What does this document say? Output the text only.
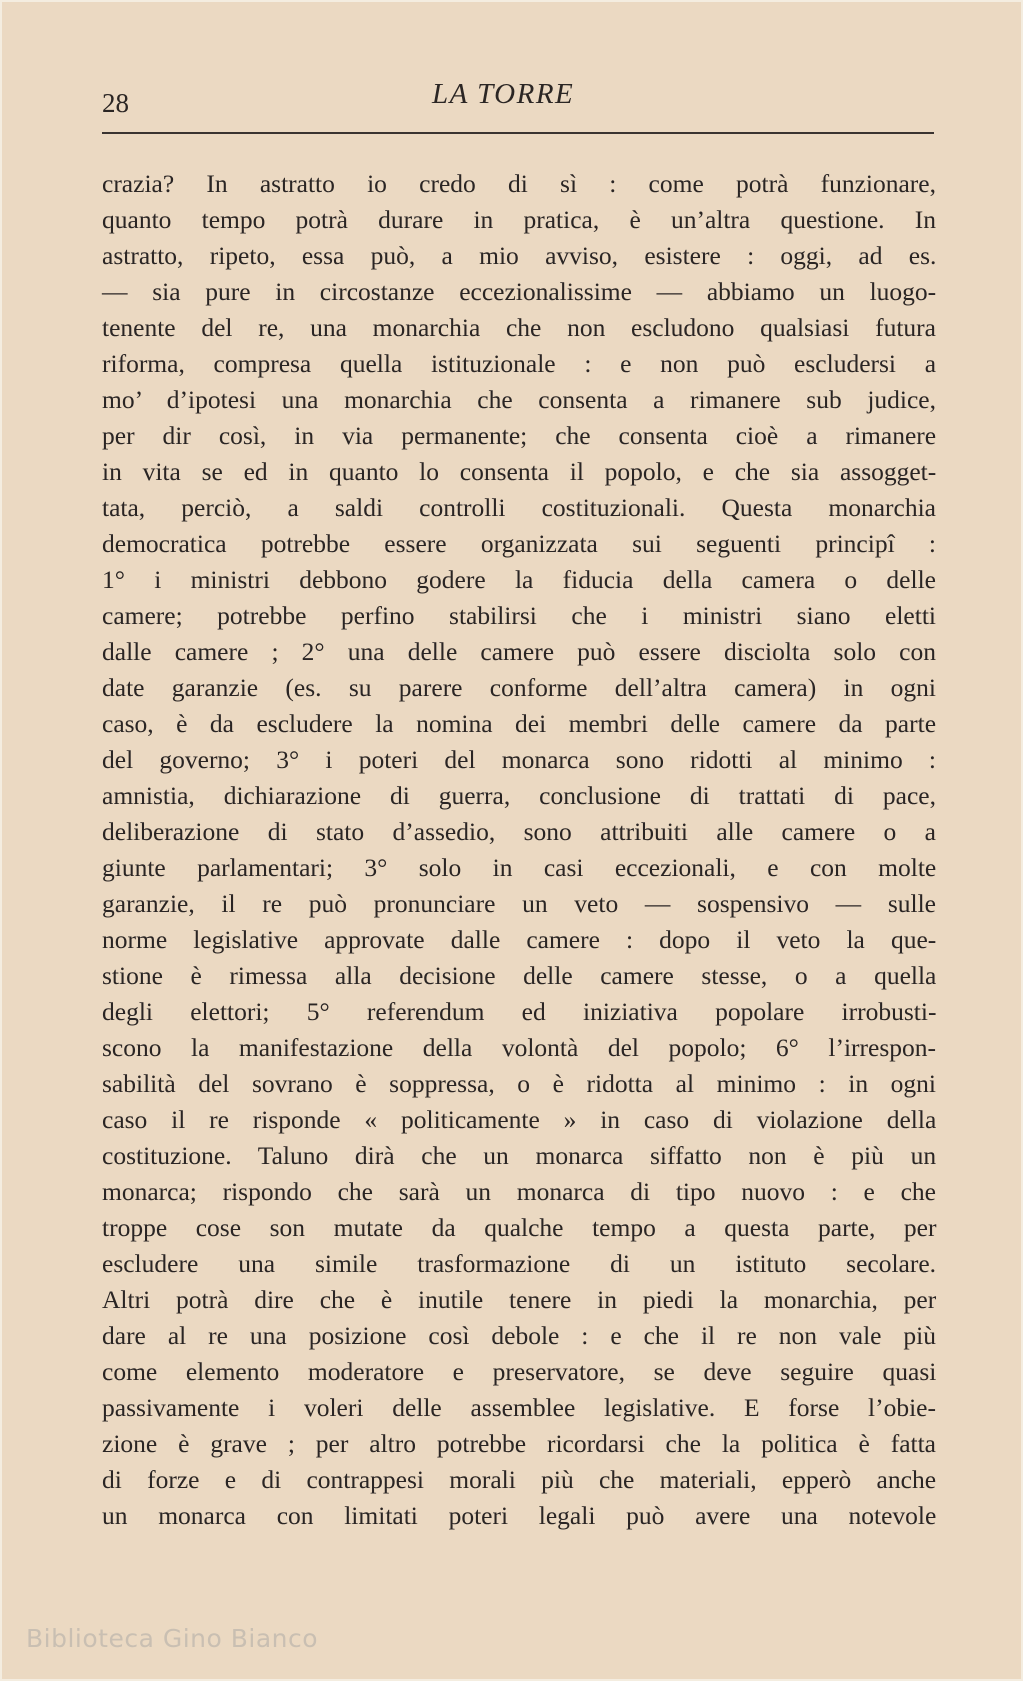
28	LA TORRE
crazia? In astratto io credo di sì : come potrà funzionare,
quanto tempo potrà durare in pratica, è un’altra questione. In
astratto, ripeto, essa può, a mio avviso, esistere : oggi, ad es.
— sia pure in circostanze eccezionalissime — abbiamo un luogo-
tenente del re, una monarchia che non escludono qualsiasi futura
riforma, compresa quella istituzionale : e non può escludersi a
mo’ d’ipotesi una monarchia che consenta a rimanere sub judice,
per dir così, in via permanente; che consenta cioè a rimanere
in vita se ed in quanto lo consenta il popolo, e che sia assogget-
tata, perciò, a saldi controlli costituzionali. Questa monarchia
democratica potrebbe essere organizzata sui seguenti principî :
1° i ministri debbono godere la fiducia della camera o delle
camere; potrebbe perfino stabilirsi che i ministri siano eletti
dalle camere ; 2° una delle camere può essere disciolta solo con
date garanzie (es. su parere conforme dell’altra camera) in ogni
caso, è da escludere la nomina dei membri delle camere da parte
del governo; 3° i poteri del monarca sono ridotti al minimo :
amnistia, dichiarazione di guerra, conclusione di trattati di pace,
deliberazione di stato d’assedio, sono attribuiti alle camere o a
giunte parlamentari; 3° solo in casi eccezionali, e con molte
garanzie, il re può pronunciare un veto — sospensivo — sulle
norme legislative approvate dalle camere : dopo il veto la que-
stione è rimessa alla decisione delle camere stesse, o a quella
degli elettori; 5° referendum ed iniziativa popolare irrobusti-
scono la manifestazione della volontà del popolo; 6° l’irrespon-
sabilità del sovrano è soppressa, o è ridotta al minimo : in ogni
caso il re risponde « politicamente » in caso di violazione della
costituzione. Taluno dirà che un monarca siffatto non è più un
monarca; rispondo che sarà un monarca di tipo nuovo : e che
troppe cose son mutate da qualche tempo a questa parte, per
escludere una simile trasformazione di un istituto secolare.
Altri potrà dire che è inutile tenere in piedi la monarchia, per
dare al re una posizione così debole : e che il re non vale più
come elemento moderatore e preservatore, se deve seguire quasi
passivamente i voleri delle assemblee legislative. E forse l’obie-
zione è grave ; per altro potrebbe ricordarsi che la politica è fatta
di forze e di contrappesi morali più che materiali, epperò anche
un monarca con limitati poteri legali può avere una notevole
Biblioteca Gino Bianco
